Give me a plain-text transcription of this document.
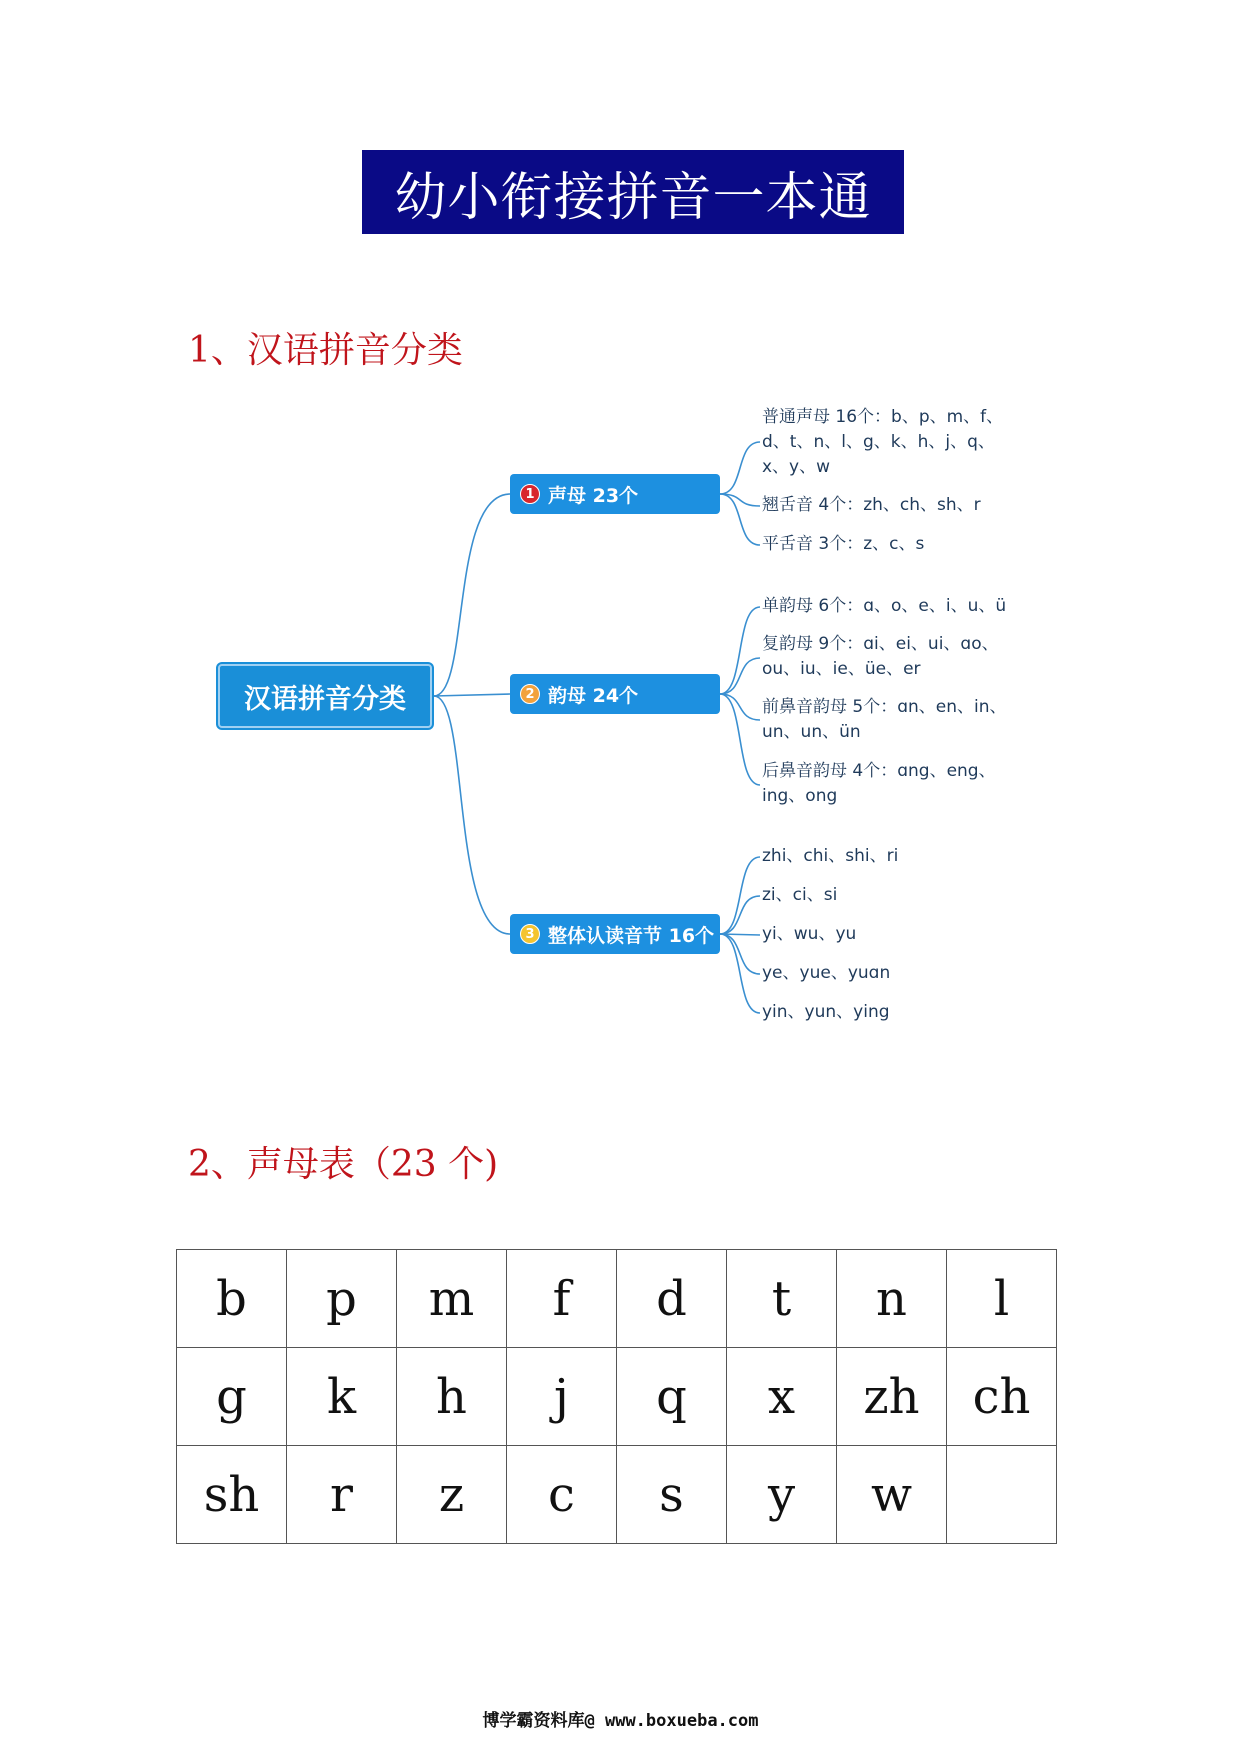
幼小衔接拼音一本通
1、汉语拼音分类
汉语拼音分类
1 声母 23个
2 韵母 24个
3 整体认读音节 16个
普通声母 16个：b、p、m、f、
d、t、n、l、g、k、h、j、q、
x、y、w
翘舌音 4个：zh、ch、sh、r
平舌音 3个：z、c、s
单韵母 6个：ɑ、o、e、i、u、ü
复韵母 9个：ɑi、ei、ui、ɑo、
ou、iu、ie、üe、er
前鼻音韵母 5个：ɑn、en、in、
un、un、ün
后鼻音韵母 4个：ɑng、eng、
ing、ong
zhi、chi、shi、ri
zi、ci、si
yi、wu、yu
ye、yue、yuɑn
yin、yun、ying
2、声母表（23 个)
b	p	m	f	d	t	n	l
g	k	h	j	q	x	zh	ch
sh	r	z	c	s	y	w	
博学霸资料库@ www.boxueba.com
